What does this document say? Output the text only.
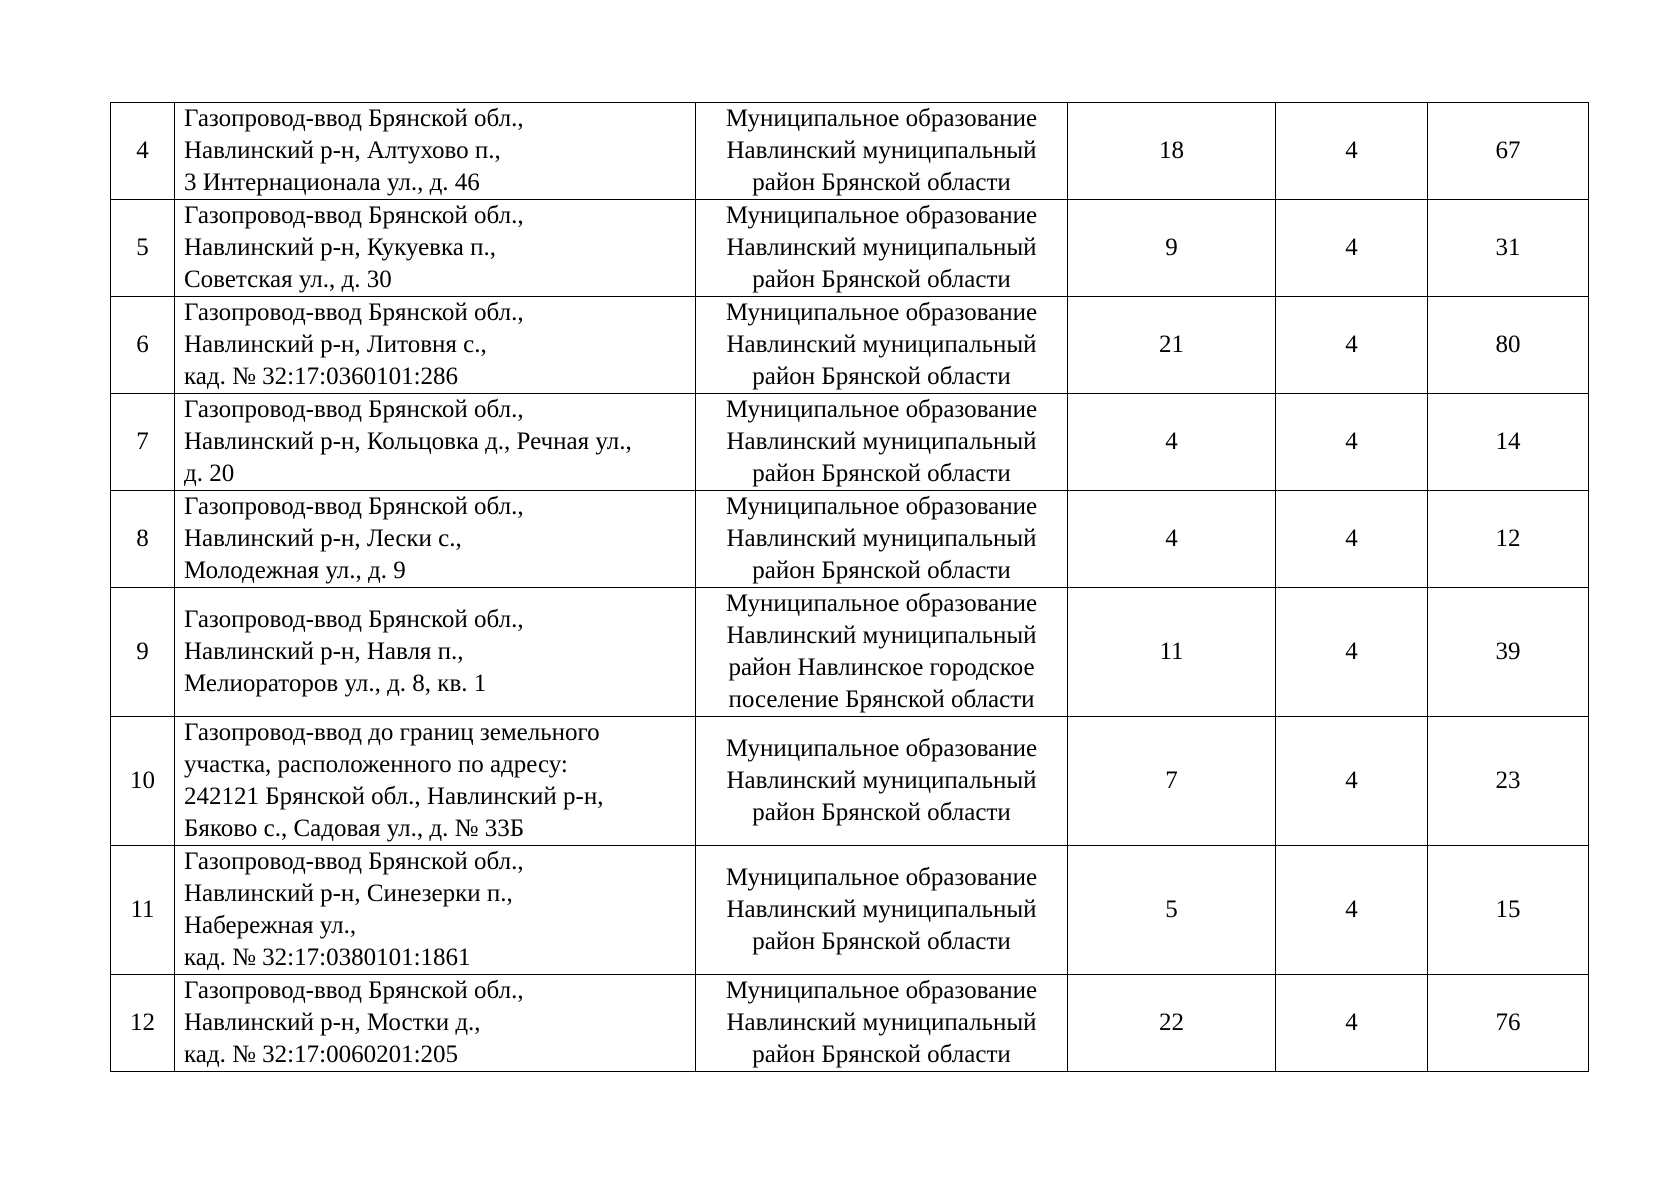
4	Газопровод-ввод Брянской обл.,
Навлинский р-н, Алтухово п.,
3 Интернационала ул., д. 46	Муниципальное образование
Навлинский муниципальный
район Брянской области	18	4	67
5	Газопровод-ввод Брянской обл.,
Навлинский р-н, Кукуевка п.,
Советская ул., д. 30	Муниципальное образование
Навлинский муниципальный
район Брянской области	9	4	31
6	Газопровод-ввод Брянской обл.,
Навлинский р-н, Литовня с.,
кад. № 32:17:0360101:286	Муниципальное образование
Навлинский муниципальный
район Брянской области	21	4	80
7	Газопровод-ввод Брянской обл.,
Навлинский р-н, Кольцовка д., Речная ул.,
д. 20	Муниципальное образование
Навлинский муниципальный
район Брянской области	4	4	14
8	Газопровод-ввод Брянской обл.,
Навлинский р-н, Лески с.,
Молодежная ул., д. 9	Муниципальное образование
Навлинский муниципальный
район Брянской области	4	4	12
9	Газопровод-ввод Брянской обл.,
Навлинский р-н, Навля п.,
Мелиораторов ул., д. 8, кв. 1	Муниципальное образование
Навлинский муниципальный
район Навлинское городское
поселение Брянской области	11	4	39
10	Газопровод-ввод до границ земельного
участка, расположенного по адресу:
242121 Брянской обл., Навлинский р-н,
Бяково с., Садовая ул., д. № 33Б	Муниципальное образование
Навлинский муниципальный
район Брянской области	7	4	23
11	Газопровод-ввод Брянской обл.,
Навлинский р-н, Синезерки п.,
Набережная ул.,
кад. № 32:17:0380101:1861	Муниципальное образование
Навлинский муниципальный
район Брянской области	5	4	15
12	Газопровод-ввод Брянской обл.,
Навлинский р-н, Мостки д.,
кад. № 32:17:0060201:205	Муниципальное образование
Навлинский муниципальный
район Брянской области	22	4	76
